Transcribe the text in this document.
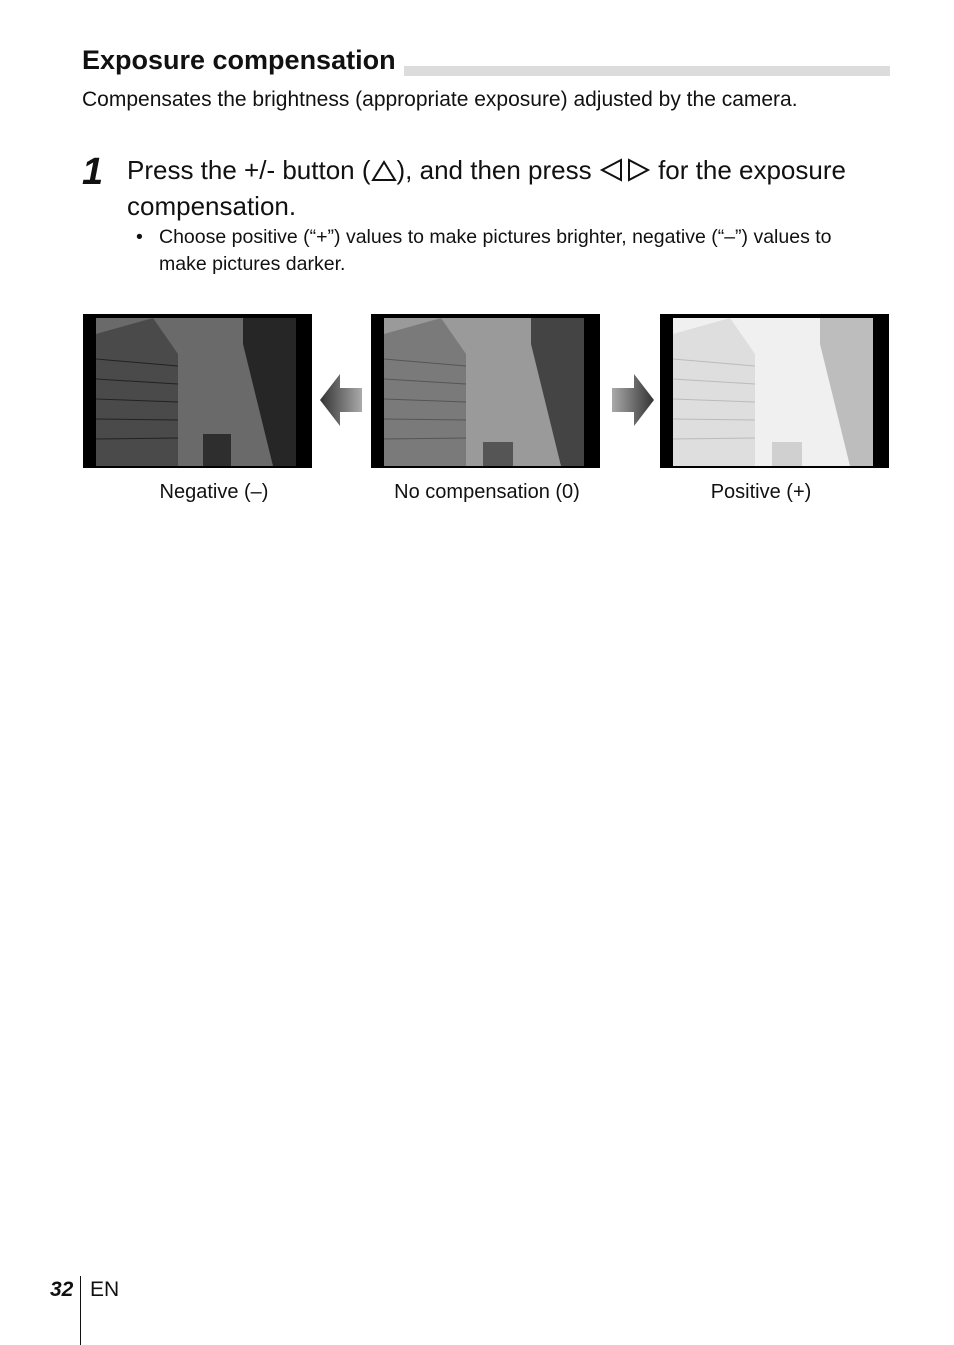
Exposure compensation
Compensates the brightness (appropriate exposure) adjusted by the camera.
1 Press the +/- button ( ), and then press  for the exposure compensation.
• Choose positive (“+”) values to make pictures brighter, negative (“–”) values to make pictures darker.
Negative (–)	No compensation (0)	Positive (+)
32 EN
